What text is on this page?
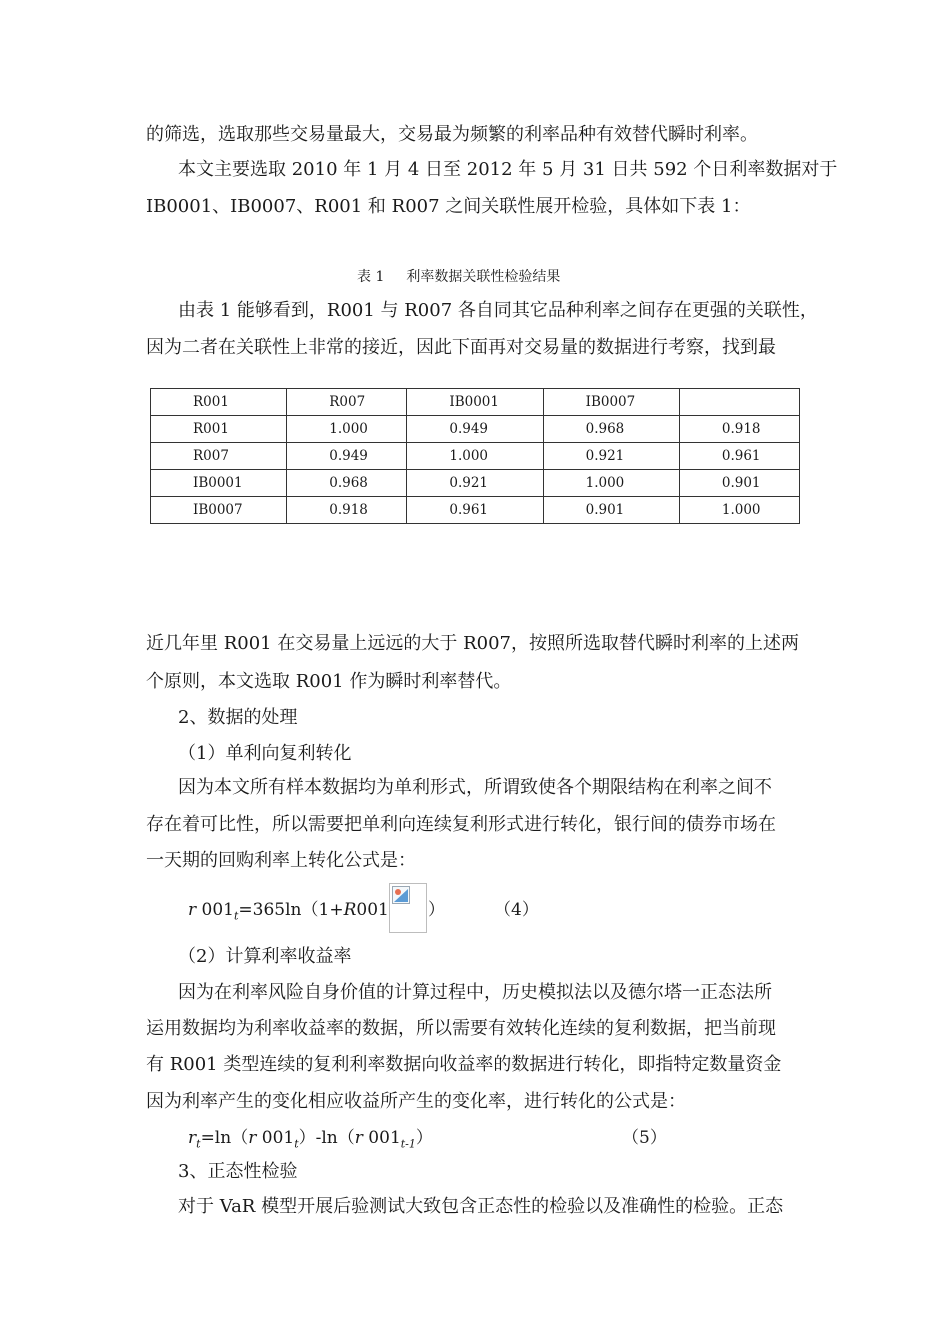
的筛选，选取那些交易量最大，交易最为频繁的利率品种有效替代瞬时利率。
本文主要选取 2010 年 1 月 4 日至 2012 年 5 月 31 日共 592 个日利率数据对于
IB0001、IB0007、R001 和 R007 之间关联性展开检验，具体如下表 1：
表 1 利率数据关联性检验结果
由表 1 能够看到，R001 与 R007 各自同其它品种利率之间存在更强的关联性，
因为二者在关联性上非常的接近，因此下面再对交易量的数据进行考察，找到最
R001	R007	IB0001	IB0007	
R001	1.000	0.949	0.968	0.918
R007	0.949	1.000	0.921	0.961
IB0001	0.968	0.921	1.000	0.901
IB0007	0.918	0.961	0.901	1.000
近几年里 R001 在交易量上远远的大于 R007，按照所选取替代瞬时利率的上述两
个原则，本文选取 R001 作为瞬时利率替代。
2、数据的处理
（1）单利向复利转化
因为本文所有样本数据均为单利形式，所谓致使各个期限结构在利率之间不
存在着可比性，所以需要把单利向连续复利形式进行转化，银行间的债券市场在
一天期的回购利率上转化公式是：
r $001_t=365\ln(1+R001$	）	（4）
（2）计算利率收益率
因为在利率风险自身价值的计算过程中，历史模拟法以及德尔塔一正态法所
运用数据均为利率收益率的数据，所以需要有效转化连续的复利数据，把当前现
有 R001 类型连续的复利利率数据向收益率的数据进行转化，即指特定数量资金
因为利率产生的变化相应收益所产生的变化率，进行转化的公式是：
$r_t=\ln(r$ $001_t)-\ln(r$ $001_{t-1}$）	（5）
3、正态性检验
对于 VaR 模型开展后验测试大致包含正态性的检验以及准确性的检验。正态
